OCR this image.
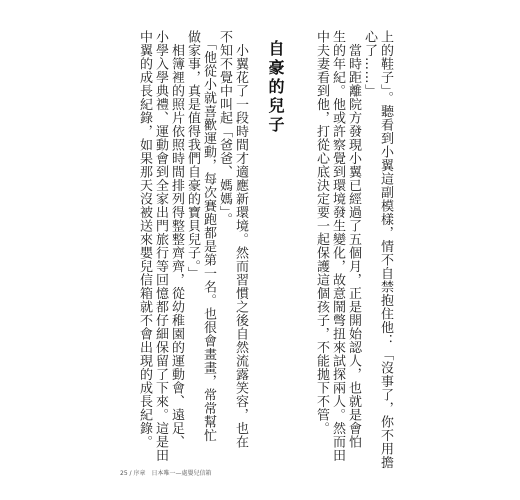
上的鞋子」。聽看到小翼這副模樣，情不自禁抱住他：「沒事了，你不用擔
心了……」
　當時距離院方發現小翼已經過了五個月，正是開始認人，也就是會怕
生的年紀。他或許察覺到環境發生變化，故意鬧彆扭來試探兩人。然而田
中夫妻看到他，打從心底決定要一起保護這個孩子，不能拋下不管。
自豪的兒子
　小翼花了一段時間才適應新環境。然而習慣之後自然流露笑容，也在
不知不覺中叫起「爸爸、媽媽」。
　「他從小就喜歡運動，每次賽跑都是第一名。也很會畫畫，常常幫忙
做家事，真是值得我們自豪的寶貝兒子。」
　相簿裡的照片依照時間排列得整整齊齊，從幼稚園的運動會、遠足、
小學入學典禮、運動會到全家出門旅行等回憶都仔細保留了下來。這是田
中翼的成長紀錄，如果那天沒被送來嬰兒信箱就不會出現的成長紀錄。
25 / 序章　日本唯一—處嬰兒信箱
